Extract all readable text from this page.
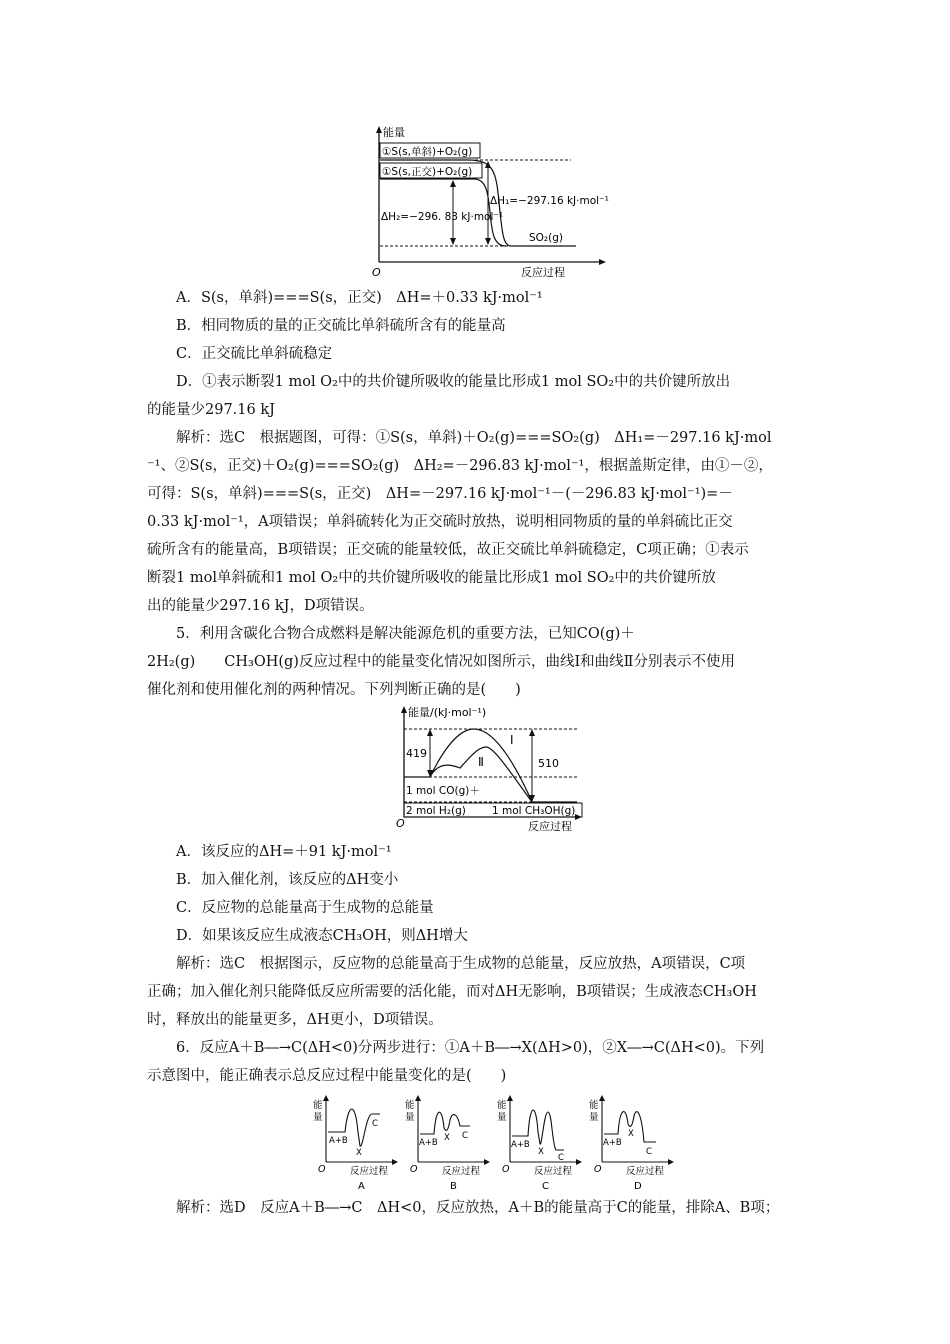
能量
O	反应过程
①S(s,单斜)+O₂(g)
①S(s,正交)+O₂(g)
ΔH₁=−297.16 kJ·mol⁻¹
ΔH₂=−296. 83 kJ·mol⁻¹
SO₂(g)
A．S(s，单斜)===S(s，正交)　ΔH=＋0.33 kJ·mol⁻¹
B．相同物质的量的正交硫比单斜硫所含有的能量高
C．正交硫比单斜硫稳定
D．①表示断裂1 mol O₂中的共价键所吸收的能量比形成1 mol SO₂中的共价键所放出
的能量少297.16 kJ
解析：选C　根据题图，可得：①S(s，单斜)＋O₂(g)===SO₂(g)　ΔH₁=－297.16 kJ·mol
⁻¹、②S(s，正交)＋O₂(g)===SO₂(g)　ΔH₂=－296.83 kJ·mol⁻¹，根据盖斯定律，由①－②，
可得：S(s，单斜)===S(s，正交)　ΔH=－297.16 kJ·mol⁻¹－(－296.83 kJ·mol⁻¹)=－
0.33 kJ·mol⁻¹，A项错误；单斜硫转化为正交硫时放热，说明相同物质的量的单斜硫比正交
硫所含有的能量高，B项错误；正交硫的能量较低，故正交硫比单斜硫稳定，C项正确；①表示
断裂1 mol单斜硫和1 mol O₂中的共价键所吸收的能量比形成1 mol SO₂中的共价键所放
出的能量少297.16 kJ，D项错误。
5．利用含碳化合物合成燃料是解决能源危机的重要方法，已知CO(g)＋
2H₂(g)　　CH₃OH(g)反应过程中的能量变化情况如图所示，曲线Ⅰ和曲线Ⅱ分别表示不使用
催化剂和使用催化剂的两种情况。下列判断正确的是(　　)
能量/(kJ·mol⁻¹)
O	反应过程
419
510
Ⅰ
Ⅱ
1 mol CO(g)＋
2 mol H₂(g) 1 mol CH₃OH(g)
A．该反应的ΔH=＋91 kJ·mol⁻¹
B．加入催化剂，该反应的ΔH变小
C．反应物的总能量高于生成物的总能量
D．如果该反应生成液态CH₃OH，则ΔH增大
解析：选C　根据图示，反应物的总能量高于生成物的总能量，反应放热，A项错误，C项
正确；加入催化剂只能降低反应所需要的活化能，而对ΔH无影响，B项错误；生成液态CH₃OH
时，释放出的能量更多，ΔH更小，D项错误。
6．反应A＋B―→C(ΔH<0)分两步进行：①A＋B―→X(ΔH>0)，②X―→C(ΔH<0)。下列
示意图中，能正确表示总反应过程中能量变化的是(　　)
能
量
O	反应过程
A+B
X
C
A
能
量
O	反应过程
A+B X C
B
能
量
O	反应过程
A+B
X
C
C
能
量
O	反应过程
A+B
X
C
D
解析：选D　反应A＋B―→C　ΔH<0，反应放热，A＋B的能量高于C的能量，排除A、B项；
